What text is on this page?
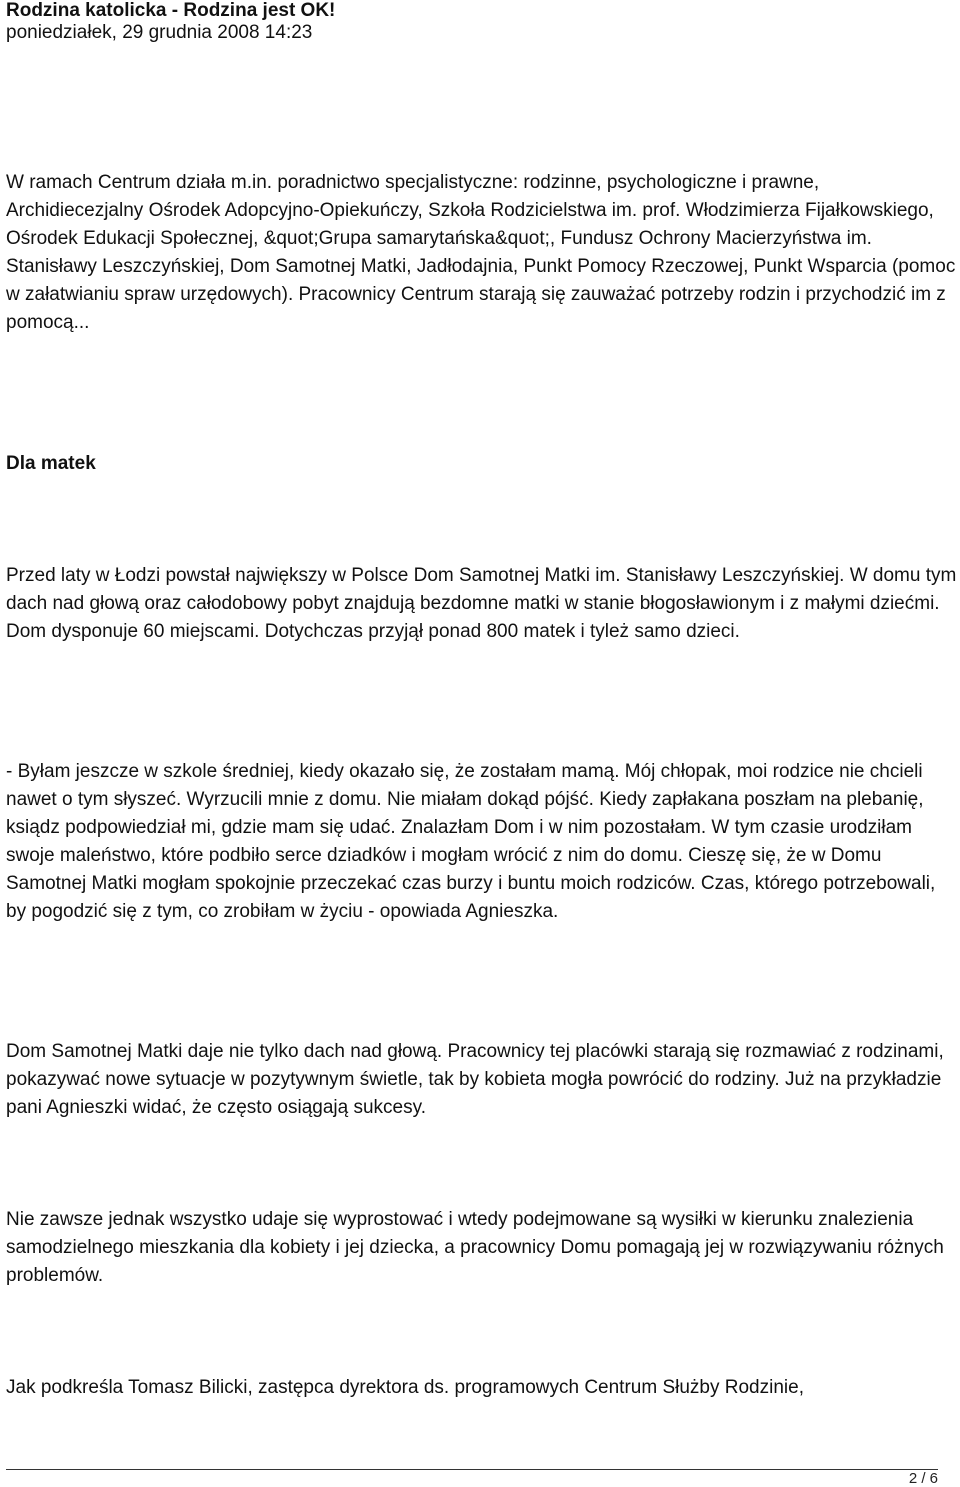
Rodzina katolicka - Rodzina jest OK!
poniedziałek, 29 grudnia 2008 14:23

W ramach Centrum działa m.in. poradnictwo specjalistyczne: rodzinne, psychologiczne i prawne, Archidiecezjalny Ośrodek Adopcyjno-Opiekuńczy, Szkoła Rodzicielstwa im. prof. Włodzimierza Fijałkowskiego, Ośrodek Edukacji Społecznej, &quot;Grupa samarytańska&quot;, Fundusz Ochrony Macierzyństwa im. Stanisławy Leszczyńskiej, Dom Samotnej Matki, Jadłodajnia, Punkt Pomocy Rzeczowej, Punkt Wsparcia (pomoc w załatwianiu spraw urzędowych). Pracownicy Centrum starają się zauważać potrzeby rodzin i przychodzić im z pomocą...

Dla matek

Przed laty w Łodzi powstał największy w Polsce Dom Samotnej Matki im. Stanisławy Leszczyńskiej. W domu tym dach nad głową oraz całodobowy pobyt znajdują bezdomne matki w stanie błogosławionym i z małymi dziećmi. Dom dysponuje 60 miejscami. Dotychczas przyjął ponad 800 matek i tyleż samo dzieci.

- Byłam jeszcze w szkole średniej, kiedy okazało się, że zostałam mamą. Mój chłopak, moi rodzice nie chcieli nawet o tym słyszeć. Wyrzucili mnie z domu. Nie miałam dokąd pójść. Kiedy zapłakana poszłam na plebanię, ksiądz podpowiedział mi, gdzie mam się udać. Znalazłam Dom i w nim pozostałam. W tym czasie urodziłam swoje maleństwo, które podbiło serce dziadków i mogłam wrócić z nim do domu. Cieszę się, że w Domu Samotnej Matki mogłam spokojnie przeczekać czas burzy i buntu moich rodziców. Czas, którego potrzebowali, by pogodzić się z tym, co zrobiłam w życiu - opowiada Agnieszka.

Dom Samotnej Matki daje nie tylko dach nad głową. Pracownicy tej placówki starają się rozmawiać z rodzinami, pokazywać nowe sytuacje w pozytywnym świetle, tak by kobieta mogła powrócić do rodziny. Już na przykładzie pani Agnieszki widać, że często osiągają sukcesy.

Nie zawsze jednak wszystko udaje się wyprostować i wtedy podejmowane są wysiłki w kierunku znalezienia samodzielnego mieszkania dla kobiety i jej dziecka, a pracownicy Domu pomagają jej w rozwiązywaniu różnych problemów.

Jak podkreśla Tomasz Bilicki, zastępca dyrektora ds. programowych Centrum Służby Rodzinie,

2 / 6
